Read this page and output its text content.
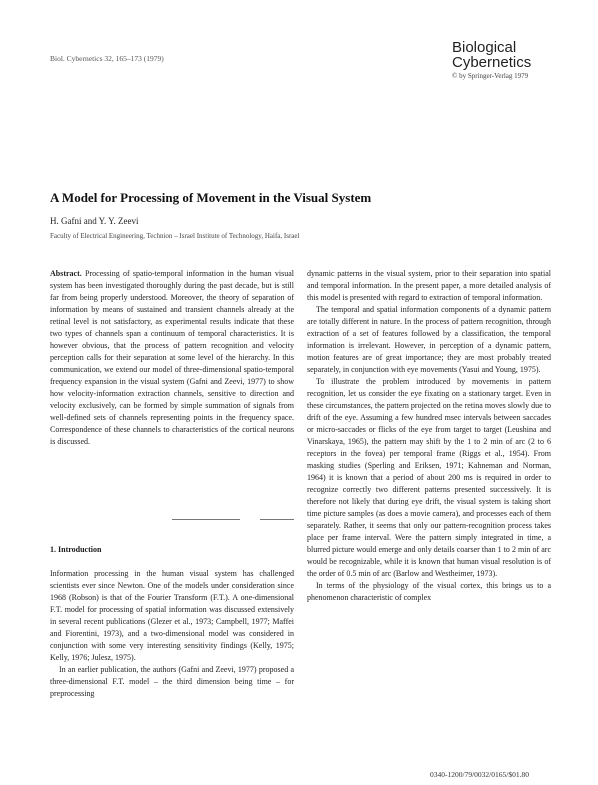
Biol. Cybernetics 32, 165–173 (1979)
Biological
Cybernetics
© by Springer-Verlag 1979
A Model for Processing of Movement in the Visual System
H. Gafni and Y. Y. Zeevi
Faculty of Electrical Engineering, Technion – Israel Institute of Technology, Haifa, Israel

Abstract. Processing of spatio-temporal information in the human visual system has been investigated thoroughly during the past decade, but is still far from being properly understood. Moreover, the theory of separation of information by means of sustained and transient channels already at the retinal level is not satisfactory, as experimental results indicate that these two types of channels span a continuum of temporal characteristics. It is however obvious, that the process of pattern recognition and velocity perception calls for their separation at some level of the hierarchy. In this communication, we extend our model of three-dimensional spatio-temporal frequency expansion in the visual system (Gafni and Zeevi, 1977) to show how velocity-information extraction channels, sensitive to direction and velocity exclusively, can be formed by simple summation of signals from well-defined sets of channels representing points in the frequency space. Correspondence of these channels to characteristics of the cortical neurons is discussed.

1. Introduction

Information processing in the human visual system has challenged scientists ever since Newton. One of the models under consideration since 1968 (Robson) is that of the Fourier Transform (F.T.). A one-dimensional F.T. model for processing of spatial information was discussed extensively in several recent publications (Glezer et al., 1973; Campbell, 1977; Maffei and Fiorentini, 1973), and a two-dimensional model was considered in conjunction with some very interesting sensitivity findings (Kelly, 1975; Kelly, 1976; Julesz, 1975).

In an earlier publication, the authors (Gafni and Zeevi, 1977) proposed a three-dimensional F.T. model – the third dimension being time – for preprocessing

dynamic patterns in the visual system, prior to their separation into spatial and temporal information. In the present paper, a more detailed analysis of this model is presented with regard to extraction of temporal information.

The temporal and spatial information components of a dynamic pattern are totally different in nature. In the process of pattern recognition, through extraction of a set of features followed by a classification, the temporal information is irrelevant. However, in perception of a dynamic pattern, motion features are of great importance; they are most probably treated separately, in conjunction with eye movements (Yasui and Young, 1975).

To illustrate the problem introduced by movements in pattern recognition, let us consider the eye fixating on a stationary target. Even in these circumstances, the pattern projected on the retina moves slowly due to drift of the eye. Assuming a few hundred msec intervals between saccades or micro-saccades or flicks of the eye from target to target (Leushina and Vinarskaya, 1965), the pattern may shift by the 1 to 2 min of arc (2 to 6 receptors in the fovea) per temporal frame (Riggs et al., 1954). From masking studies (Sperling and Eriksen, 1971; Kahneman and Norman, 1964) it is known that a period of about 200 ms is required in order to recognize correctly two different patterns presented successively. It is therefore not likely that during eye drift, the visual system is taking short time picture samples (as does a movie camera), and processes each of them separately. Rather, it seems that only our pattern-recognition process takes place per frame interval. Were the pattern simply integrated in time, a blurred picture would emerge and only details coarser than 1 to 2 min of arc would be recognizable, while it is known that human visual resolution is of the order of 0.5 min of arc (Barlow and Westheimer, 1973).

In terms of the physiology of the visual cortex, this brings us to a phenomenon characteristic of complex

0340-1200/79/0032/0165/$01.80
